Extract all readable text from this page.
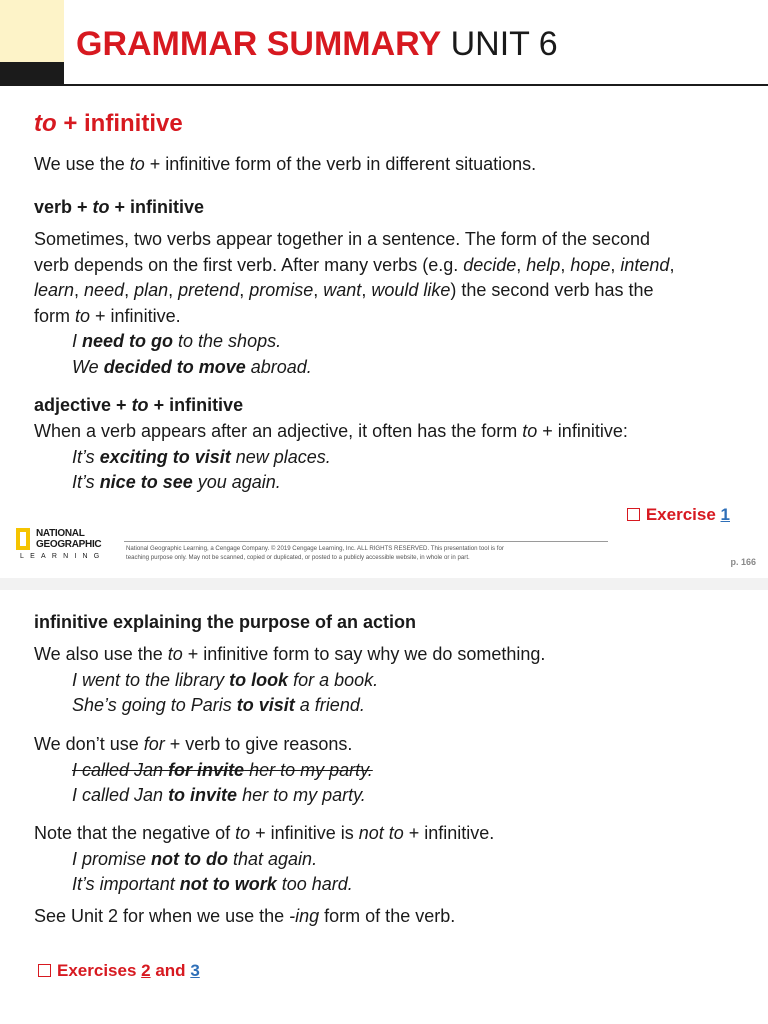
GRAMMAR SUMMARY UNIT 6
to + infinitive
We use the to + infinitive form of the verb in different situations.
verb + to + infinitive
Sometimes, two verbs appear together in a sentence. The form of the second
verb depends on the first verb. After many verbs (e.g. decide, help, hope, intend,
learn, need, plan, pretend, promise, want, would like) the second verb has the
form to + infinitive.
I need to go to the shops.
We decided to move abroad.
adjective + to + infinitive
When a verb appears after an adjective, it often has the form to + infinitive:
It’s exciting to visit new places.
It’s nice to see you again.
Exercise 1
NATIONAL
GEOGRAPHIC
LEARNING
National Geographic Learning, a Cengage Company. © 2019 Cengage Learning, Inc. ALL RIGHTS RESERVED. This presentation tool is for
teaching purpose only. May not be scanned, copied or duplicated, or posted to a publicly accessible website, in whole or in part.	p. 166
infinitive explaining the purpose of an action
We also use the to + infinitive form to say why we do something.
I went to the library to look for a book.
She’s going to Paris to visit a friend.
We don’t use for + verb to give reasons.
I called Jan for invite her to my party.
I called Jan to invite her to my party.
Note that the negative of to + infinitive is not to + infinitive.
I promise not to do that again.
It’s important not to work too hard.
See Unit 2 for when we use the -ing form of the verb.
Exercises 2 and 3
